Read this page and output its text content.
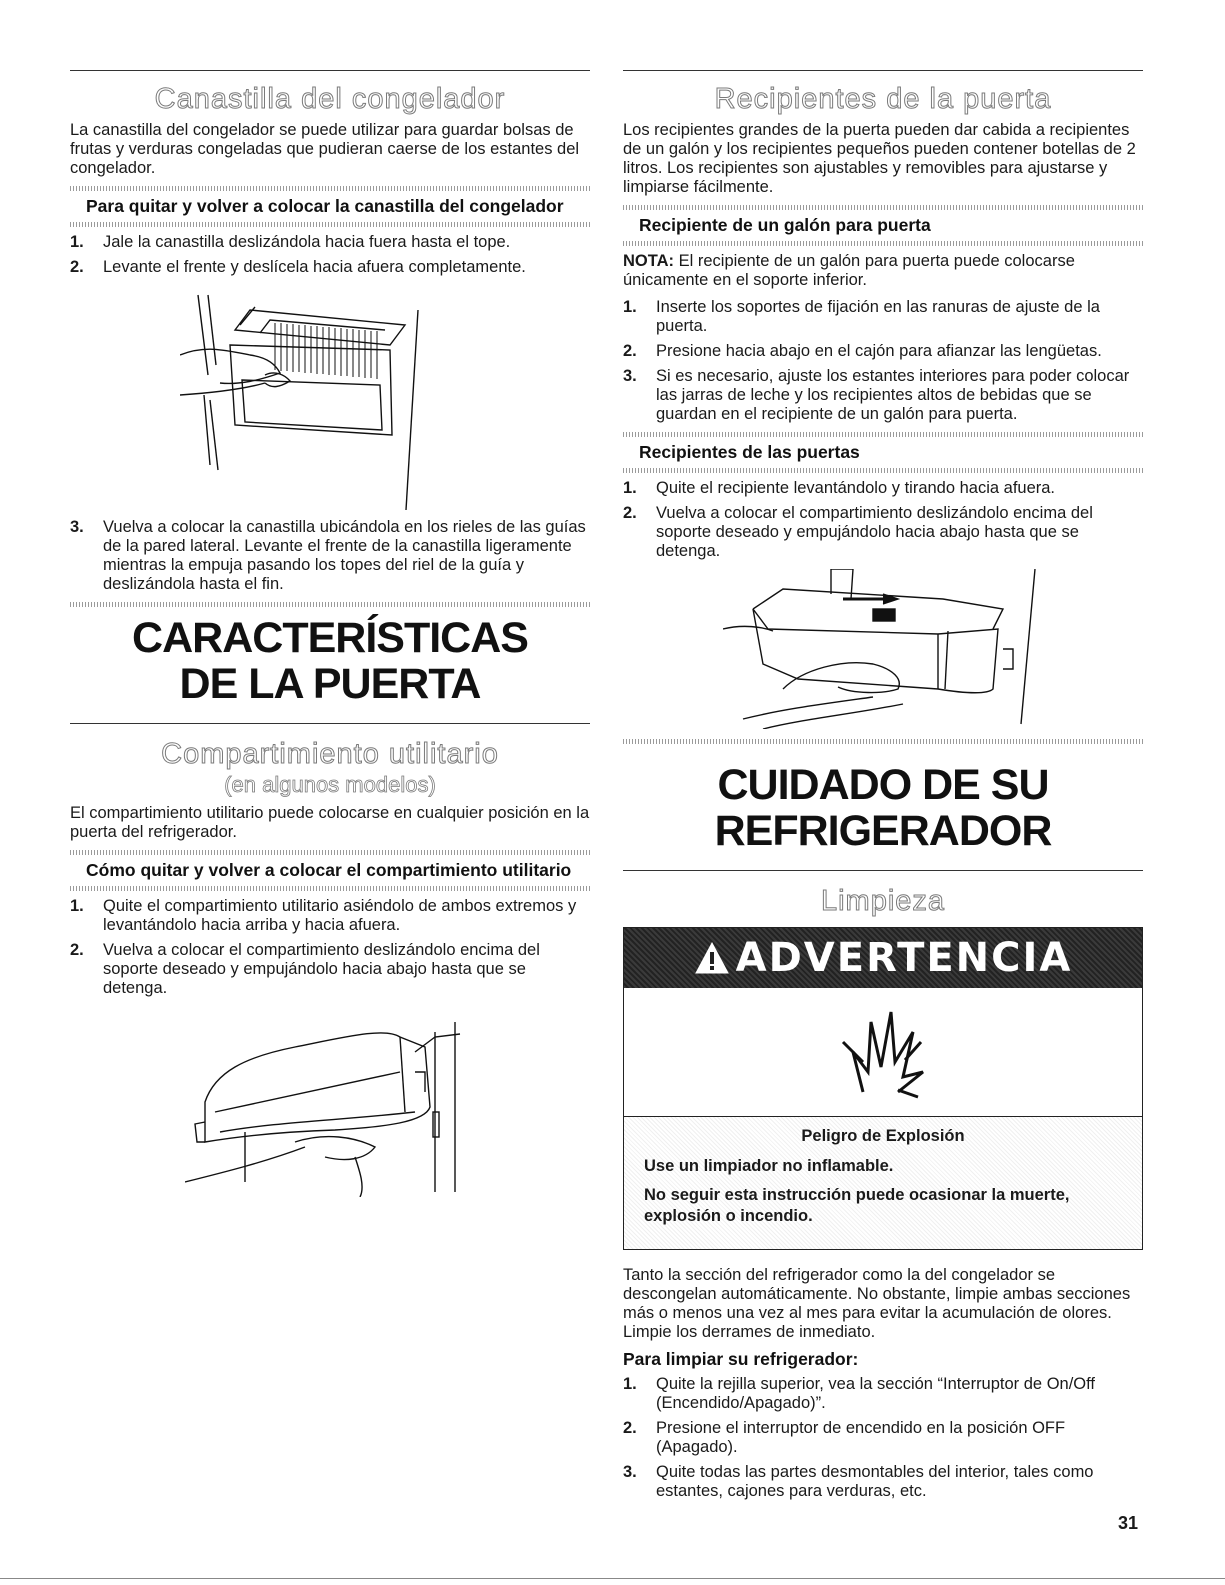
Canastilla del congelador

La canastilla del congelador se puede utilizar para guardar bolsas de frutas y verduras congeladas que pudieran caerse de los estantes del congelador.

Para quitar y volver a colocar la canastilla del congelador
1. Jale la canastilla deslizándola hacia fuera hasta el tope.
2. Levante el frente y deslícela hacia afuera completamente.
3. Vuelva a colocar la canastilla ubicándola en los rieles de las guías de la pared lateral. Levante el frente de la canastilla ligeramente mientras la empuja pasando los topes del riel de la guía y deslizándola hasta el fin.
CARACTERÍSTICAS
DE LA PUERTA
Compartimiento utilitario
(en algunos modelos)

El compartimiento utilitario puede colocarse en cualquier posición en la puerta del refrigerador.

Cómo quitar y volver a colocar el compartimiento utilitario
1. Quite el compartimiento utilitario asiéndolo de ambos extremos y levantándolo hacia arriba y hacia afuera.
2. Vuelva a colocar el compartimiento deslizándolo encima del soporte deseado y empujándolo hacia abajo hasta que se detenga.
Recipientes de la puerta

Los recipientes grandes de la puerta pueden dar cabida a recipientes de un galón y los recipientes pequeños pueden contener botellas de 2 litros. Los recipientes son ajustables y removibles para ajustarse y limpiarse fácilmente.

Recipiente de un galón para puerta

NOTA: El recipiente de un galón para puerta puede colocarse únicamente en el soporte inferior.

1. Inserte los soportes de fijación en las ranuras de ajuste de la puerta.
2. Presione hacia abajo en el cajón para afianzar las lengüetas.
3. Si es necesario, ajuste los estantes interiores para poder colocar las jarras de leche y los recipientes altos de bebidas que se guardan en el recipiente de un galón para puerta.
Recipientes de las puertas
1. Quite el recipiente levantándolo y tirando hacia afuera.
2. Vuelva a colocar el compartimiento deslizándolo encima del soporte deseado y empujándolo hacia abajo hasta que se detenga.
CUIDADO DE SU
REFRIGERADOR
Limpieza
ADVERTENCIA
Peligro de Explosión

Use un limpiador no inflamable.

No seguir esta instrucción puede ocasionar la muerte, explosión o incendio.

Tanto la sección del refrigerador como la del congelador se descongelan automáticamente. No obstante, limpie ambas secciones más o menos una vez al mes para evitar la acumulación de olores. Limpie los derrames de inmediato.

Para limpiar su refrigerador:
1. Quite la rejilla superior, vea la sección “Interruptor de On/Off (Encendido/Apagado)”.
2. Presione el interruptor de encendido en la posición OFF (Apagado).
3. Quite todas las partes desmontables del interior, tales como estantes, cajones para verduras, etc.
31
